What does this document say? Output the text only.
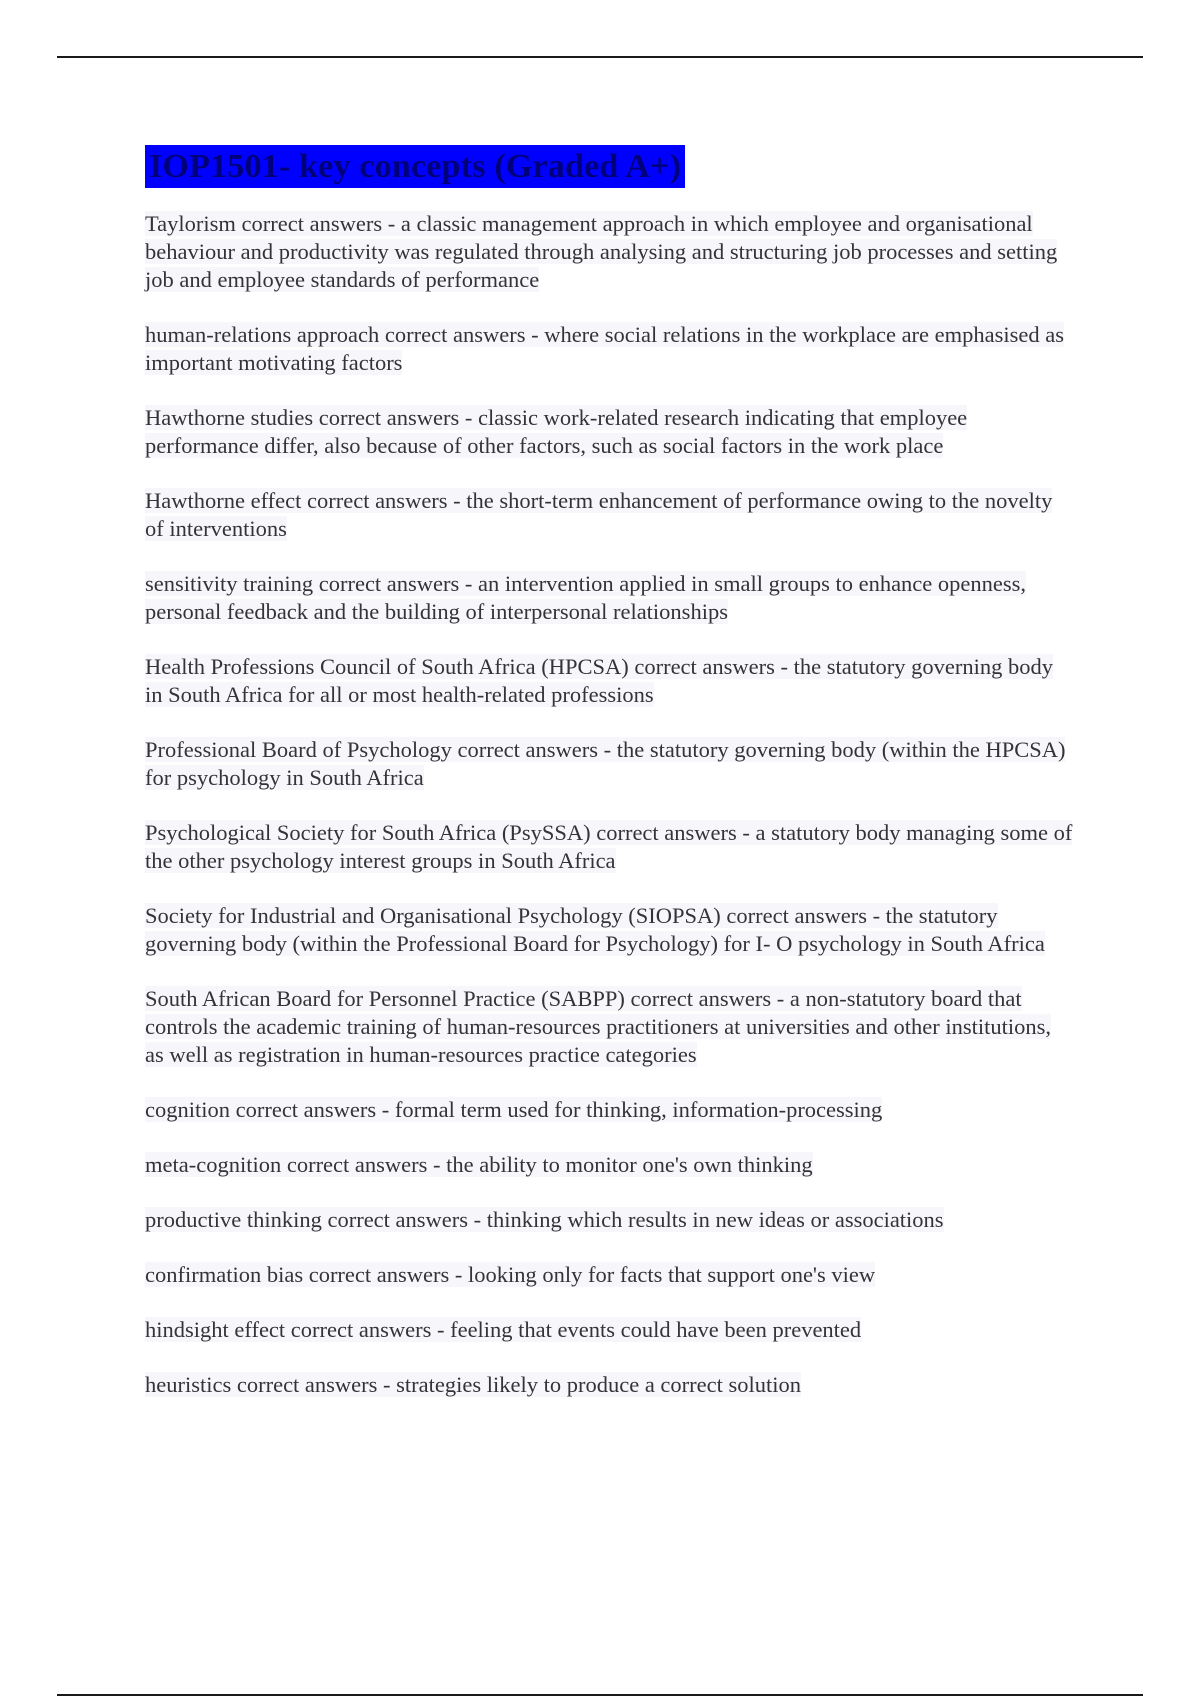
IOP1501- key concepts (Graded A+)
Taylorism correct answers - a classic management approach in which employee and organisational behaviour and productivity was regulated through analysing and structuring job processes and setting job and employee standards of performance
human-relations approach correct answers - where social relations in the workplace are emphasised as important motivating factors
Hawthorne studies correct answers - classic work-related research indicating that employee performance differ, also because of other factors, such as social factors in the work place
Hawthorne effect correct answers - the short-term enhancement of performance owing to the novelty of interventions
sensitivity training correct answers - an intervention applied in small groups to enhance openness, personal feedback and the building of interpersonal relationships
Health Professions Council of South Africa (HPCSA) correct answers - the statutory governing body in South Africa for all or most health-related professions
Professional Board of Psychology correct answers - the statutory governing body (within the HPCSA) for psychology in South Africa
Psychological Society for South Africa (PsySSA) correct answers - a statutory body managing some of the other psychology interest groups in South Africa
Society for Industrial and Organisational Psychology (SIOPSA) correct answers - the statutory governing body (within the Professional Board for Psychology) for I- O psychology in South Africa
South African Board for Personnel Practice (SABPP) correct answers - a non-statutory board that controls the academic training of human-resources practitioners at universities and other institutions, as well as registration in human-resources practice categories
cognition correct answers - formal term used for thinking, information-processing
meta-cognition correct answers - the ability to monitor one's own thinking
productive thinking correct answers - thinking which results in new ideas or associations
confirmation bias correct answers - looking only for facts that support one's view
hindsight effect correct answers - feeling that events could have been prevented
heuristics correct answers - strategies likely to produce a correct solution
